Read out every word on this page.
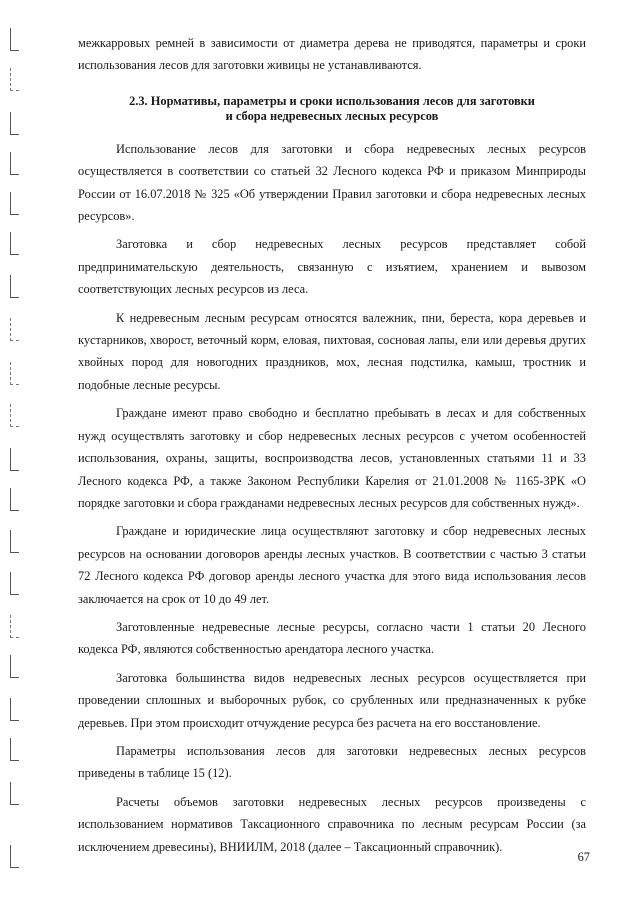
межкарровых ремней в зависимости от диаметра дерева не приводятся, параметры и сроки использования лесов для заготовки живицы не устанавливаются.

2.3. Нормативы, параметры и сроки использования лесов для заготовки
и сбора недревесных лесных ресурсов

Использование лесов для заготовки и сбора недревесных лесных ресурсов осуществляется в соответствии со статьей 32 Лесного кодекса РФ и приказом Минприроды России от 16.07.2018 № 325 «Об утверждении Правил заготовки и сбора недревесных лесных ресурсов».

Заготовка и сбор недревесных лесных ресурсов представляет собой предпринимательскую деятельность, связанную с изъятием, хранением и вывозом соответствующих лесных ресурсов из леса.

К недревесным лесным ресурсам относятся валежник, пни, береста, кора деревьев и кустарников, хворост, веточный корм, еловая, пихтовая, сосновая лапы, ели или деревья других хвойных пород для новогодних праздников, мох, лесная подстилка, камыш, тростник и подобные лесные ресурсы.

Граждане имеют право свободно и бесплатно пребывать в лесах и для собственных нужд осуществлять заготовку и сбор недревесных лесных ресурсов с учетом особенностей использования, охраны, защиты, воспроизводства лесов, установленных статьями 11 и 33 Лесного кодекса РФ, а также Законом Республики Карелия от 21.01.2008 № 1165-ЗРК «О порядке заготовки и сбора гражданами недревесных лесных ресурсов для собственных нужд».

Граждане и юридические лица осуществляют заготовку и сбор недревесных лесных ресурсов на основании договоров аренды лесных участков. В соответствии с частью 3 статьи 72 Лесного кодекса РФ договор аренды лесного участка для этого вида использования лесов заключается на срок от 10 до 49 лет.

Заготовленные недревесные лесные ресурсы, согласно части 1 статьи 20 Лесного кодекса РФ, являются собственностью арендатора лесного участка.

Заготовка большинства видов недревесных лесных ресурсов осуществляется при проведении сплошных и выборочных рубок, со срубленных или предназначенных к рубке деревьев. При этом происходит отчуждение ресурса без расчета на его восстановление.

Параметры использования лесов для заготовки недревесных лесных ресурсов приведены в таблице 15 (12).

Расчеты объемов заготовки недревесных лесных ресурсов произведены с использованием нормативов Таксационного справочника по лесным ресурсам России (за исключением древесины), ВНИИЛМ, 2018 (далее – Таксационный справочник).

67
